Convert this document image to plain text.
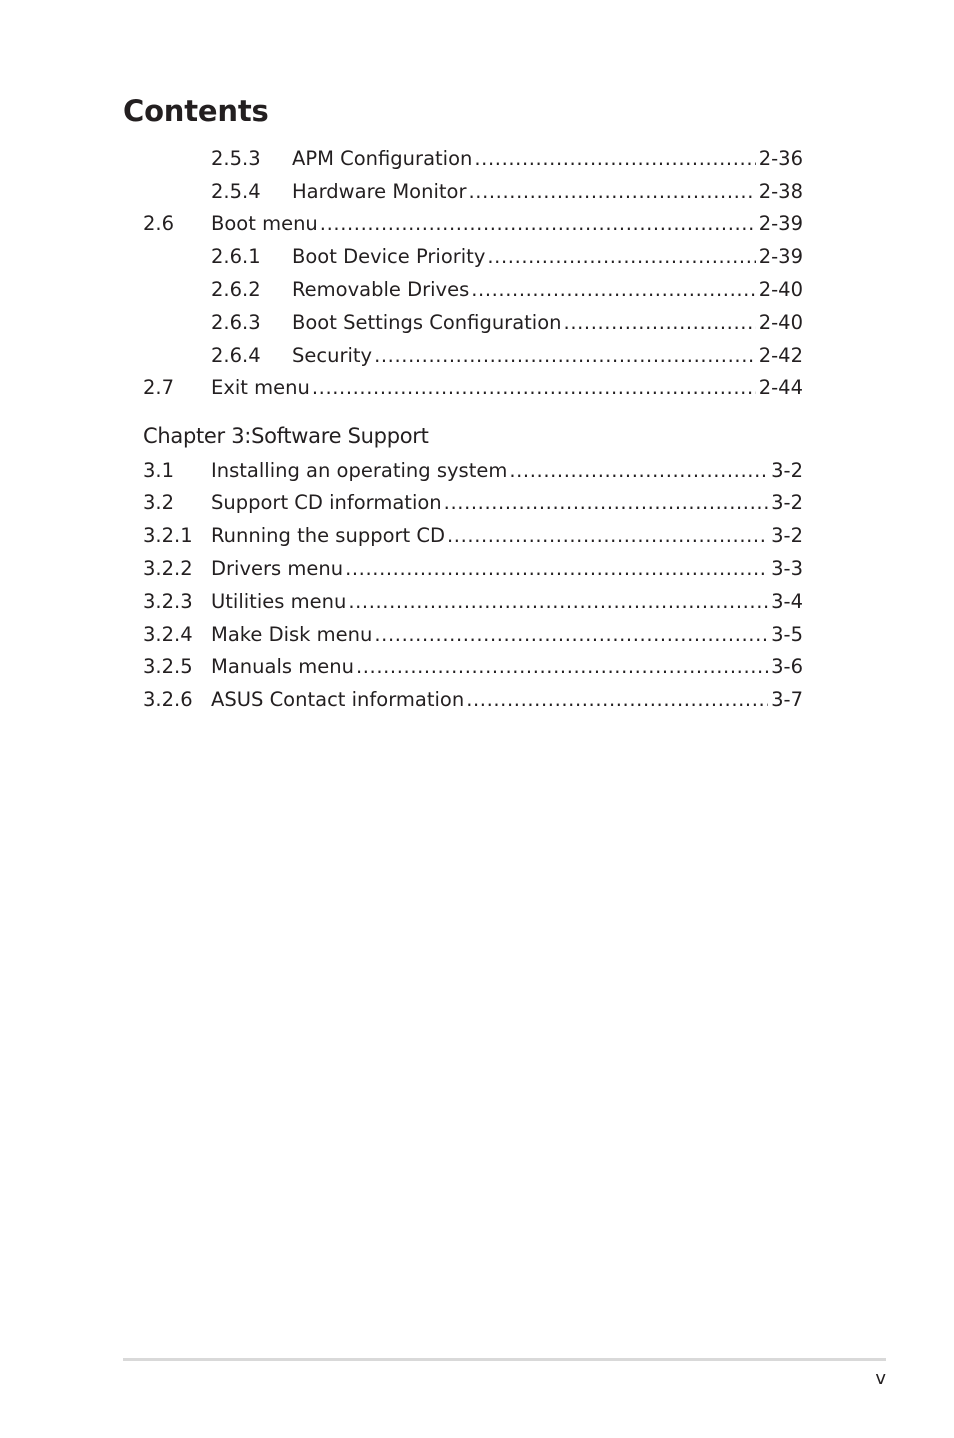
Contents
2.5.3 APM Configuration .....	2-36
2.5.4 Hardware Monitor .....	2-38
2.6 Boot menu .....	2-39
2.6.1 Boot Device Priority .....	2-39
2.6.2 Removable Drives .....	2-40
2.6.3 Boot Settings Configuration .....	2-40
2.6.4 Security .....	2-42
2.7 Exit menu .....	2-44
Chapter 3:Software Support
3.1 Installing an operating system .....	3-2
3.2 Support CD information .....	3-2
3.2.1 Running the support CD .....	3-2
3.2.2 Drivers menu .....	3-3
3.2.3 Utilities menu .....	3-4
3.2.4 Make Disk menu .....	3-5
3.2.5 Manuals menu .....	3-6
3.2.6 ASUS Contact information .....	3-7
v
